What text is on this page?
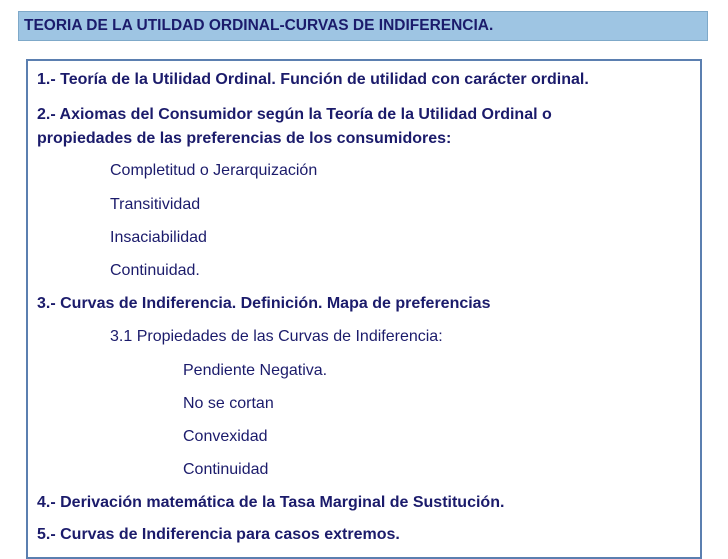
TEORIA DE LA UTILDAD ORDINAL-CURVAS DE INDIFERENCIA.
1.- Teoría de la Utilidad Ordinal. Función de utilidad con carácter ordinal.
2.- Axiomas del Consumidor según la Teoría de la Utilidad Ordinal o
propiedades de las preferencias de los consumidores:
Completitud o Jerarquización
Transitividad
Insaciabilidad
Continuidad.
3.- Curvas de Indiferencia. Definición. Mapa de preferencias
3.1 Propiedades de las Curvas de Indiferencia:
Pendiente Negativa.
No se cortan
Convexidad
Continuidad
4.- Derivación matemática de la Tasa Marginal de Sustitución.
5.- Curvas de Indiferencia para casos extremos.
